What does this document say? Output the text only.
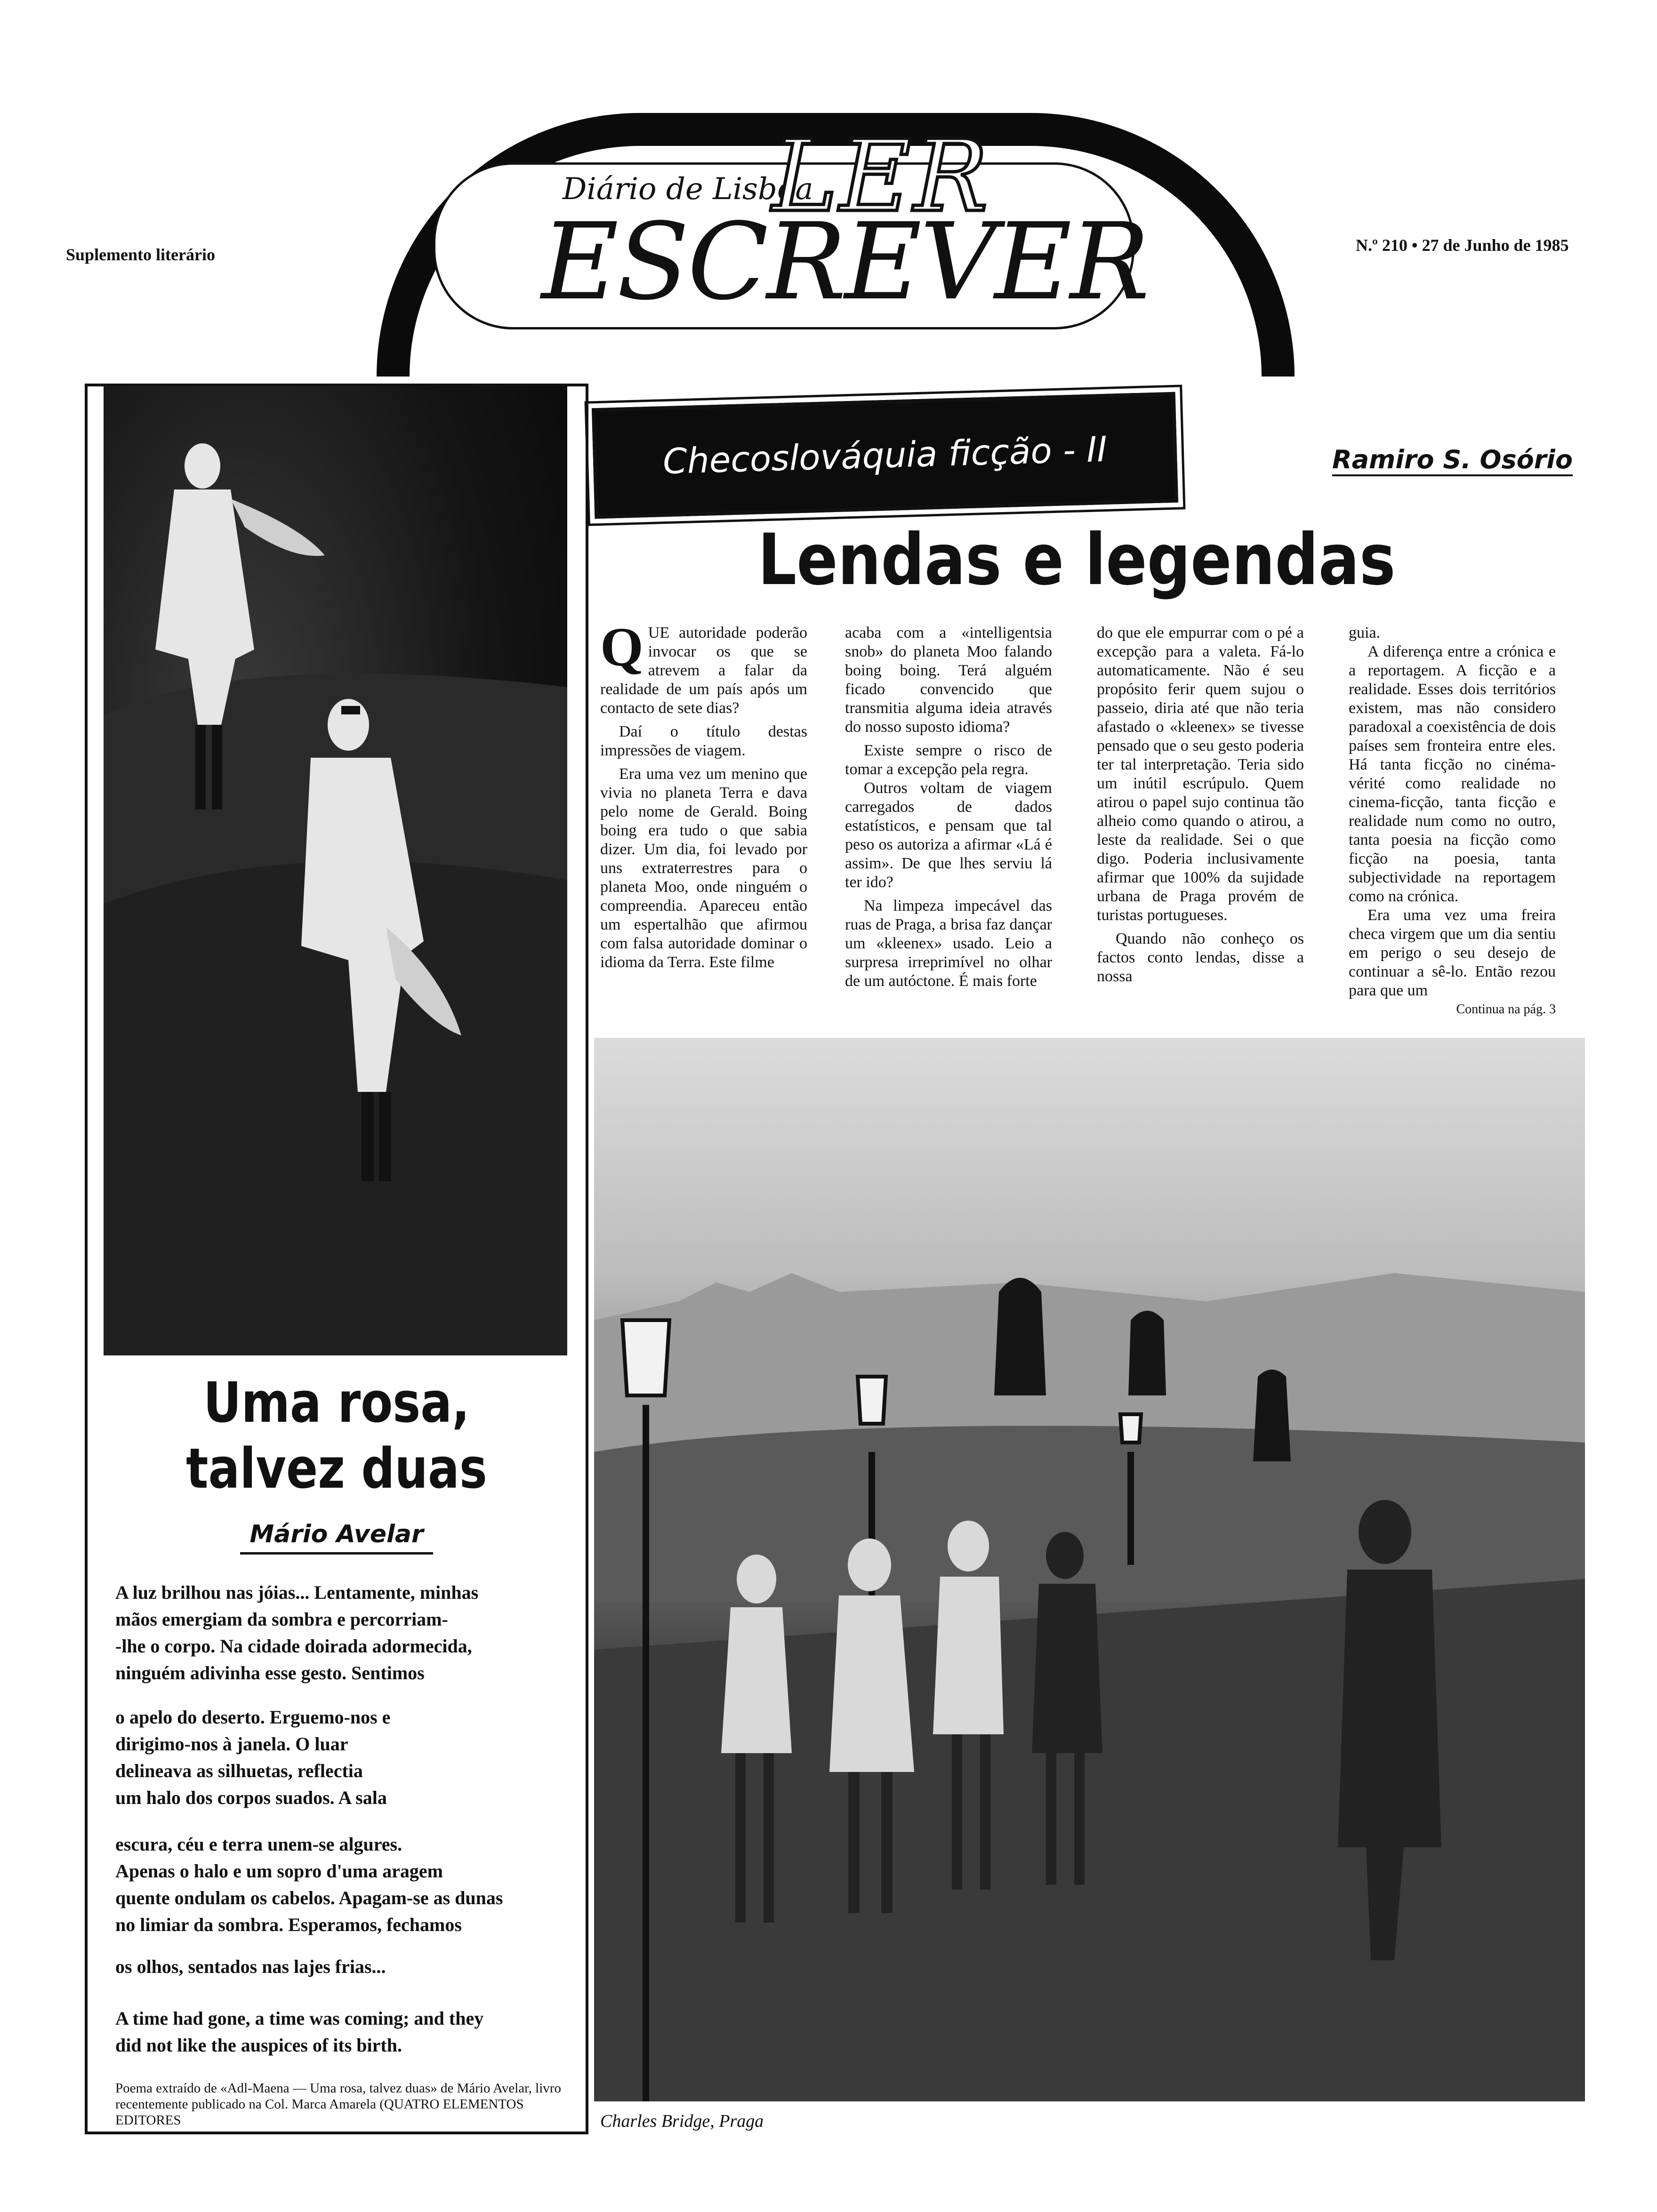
Diário de Lisboa
LER
ESCREVER
Suplemento literário	N.º 210 • 27 de Junho de 1985
Uma rosa,
talvez duas
Mário Avelar
A luz brilhou nas jóias... Lentamente, minhas
mãos emergiam da sombra e percorriam-
-lhe o corpo. Na cidade doirada adormecida,
ninguém adivinha esse gesto. Sentimos
o apelo do deserto. Erguemo-nos e
dirigimo-nos à janela. O luar
delineava as silhuetas, reflectia
um halo dos corpos suados. A sala
escura, céu e terra unem-se algures.
Apenas o halo e um sopro d'uma aragem
quente ondulam os cabelos. Apagam-se as dunas
no limiar da sombra. Esperamos, fechamos
os olhos, sentados nas lajes frias...
A time had gone, a time was coming; and they
did not like the auspices of its birth.
Poema extraído de «Adl-Maena — Uma rosa, talvez duas» de Mário Avelar, livro recentemente publicado na Col. Marca Amarela (QUATRO ELEMENTOS EDITORES
Checoslováquia ficção - II	Ramiro S. Osório
Lendas e legendas

QUE autoridade poderão invocar os que se atrevem a falar da realidade de um país após um contacto de sete dias?

Daí o título destas impressões de viagem.

Era uma vez um menino que vivia no planeta Terra e dava pelo nome de Gerald. Boing boing era tudo o que sabia dizer. Um dia, foi levado por uns extraterrestres para o planeta Moo, onde ninguém o compreendia. Apareceu então um espertalhão que afirmou com falsa autoridade dominar o idioma da Terra. Este filme

acaba com a «intelligentsia snob» do planeta Moo falando boing boing. Terá alguém ficado convencido que transmitia alguma ideia através do nosso suposto idioma?

Existe sempre o risco de tomar a excepção pela regra.

Outros voltam de viagem carregados de dados estatísticos, e pensam que tal peso os autoriza a afirmar «Lá é assim». De que lhes serviu lá ter ido?

Na limpeza impecável das ruas de Praga, a brisa faz dançar um «kleenex» usado. Leio a surpresa irreprimível no olhar de um autóctone. É mais forte

do que ele empurrar com o pé a excepção para a valeta. Fá-lo automaticamente. Não é seu propósito ferir quem sujou o passeio, diria até que não teria afastado o «kleenex» se tivesse pensado que o seu gesto poderia ter tal interpretação. Teria sido um inútil escrúpulo. Quem atirou o papel sujo continua tão alheio como quando o atirou, a leste da realidade. Sei o que digo. Poderia inclusivamente afirmar que 100% da sujidade urbana de Praga provém de turistas portugueses.

Quando não conheço os factos conto lendas, disse a nossa

guia.

A diferença entre a crónica e a reportagem. A ficção e a realidade. Esses dois territórios existem, mas não considero paradoxal a coexistência de dois países sem fronteira entre eles. Há tanta ficção no cinéma-vérité como realidade no cinema-ficção, tanta ficção e realidade num como no outro, tanta poesia na ficção como ficção na poesia, tanta subjectividade na reportagem como na crónica.

Era uma vez uma freira checa virgem que um dia sentiu em perigo o seu desejo de continuar a sê-lo. Então rezou para que um

Continua na pág. 3
Charles Bridge, Praga
